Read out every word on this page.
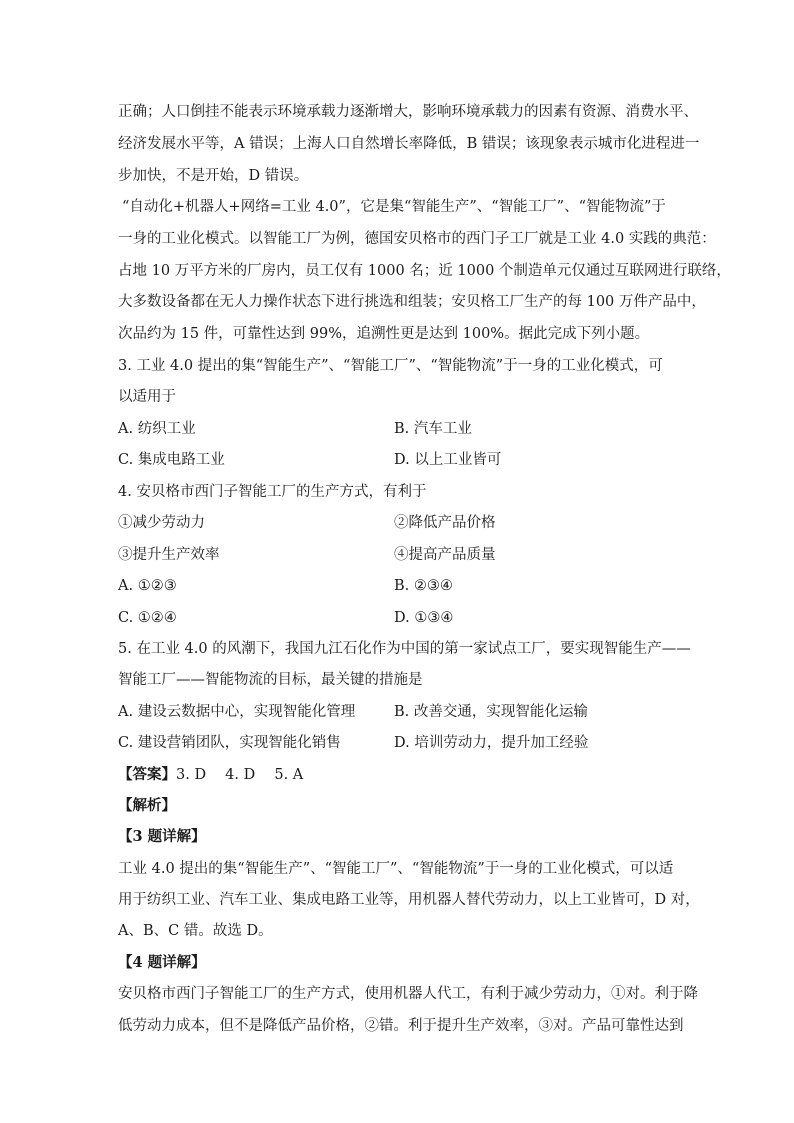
正确；人口倒挂不能表示环境承载力逐渐增大，影响环境承载力的因素有资源、消费水平、
经济发展水平等，A 错误；上海人口自然增长率降低，B 错误；该现象表示城市化进程进一
步加快，不是开始，D 错误。
“自动化+机器人+网络=工业 4.0”，它是集“智能生产”、“智能工厂”、“智能物流”于
一身的工业化模式。以智能工厂为例，德国安贝格市的西门子工厂就是工业 4.0 实践的典范：
占地 10 万平方米的厂房内，员工仅有 1000 名；近 1000 个制造单元仅通过互联网进行联络，
大多数设备都在无人力操作状态下进行挑选和组装；安贝格工厂生产的每 100 万件产品中，
次品约为 15 件，可靠性达到 99%，追溯性更是达到 100%。据此完成下列小题。
3. 工业 4.0 提出的集“智能生产”、“智能工厂”、“智能物流”于一身的工业化模式，可
以适用于
A. 纺织工业	B. 汽车工业
C. 集成电路工业	D. 以上工业皆可
4. 安贝格市西门子智能工厂的生产方式，有利于
①减少劳动力	②降低产品价格
③提升生产效率	④提高产品质量
A. ①②③	B. ②③④
C. ①②④	D. ①③④
5. 在工业 4.0 的风潮下，我国九江石化作为中国的第一家试点工厂，要实现智能生产——
智能工厂——智能物流的目标，最关键的措施是
A. 建设云数据中心，实现智能化管理	B. 改善交通，实现智能化运输
C. 建设营销团队，实现智能化销售	D. 培训劳动力，提升加工经验
【答案】3. D　 4. D　 5. A
【解析】
【3 题详解】
工业 4.0 提出的集“智能生产”、“智能工厂”、“智能物流”于一身的工业化模式，可以适
用于纺织工业、汽车工业、集成电路工业等，用机器人替代劳动力，以上工业皆可，D 对，
A、B、C 错。故选 D。
【4 题详解】
安贝格市西门子智能工厂的生产方式，使用机器人代工，有利于减少劳动力，①对。利于降
低劳动力成本，但不是降低产品价格，②错。利于提升生产效率，③对。产品可靠性达到
